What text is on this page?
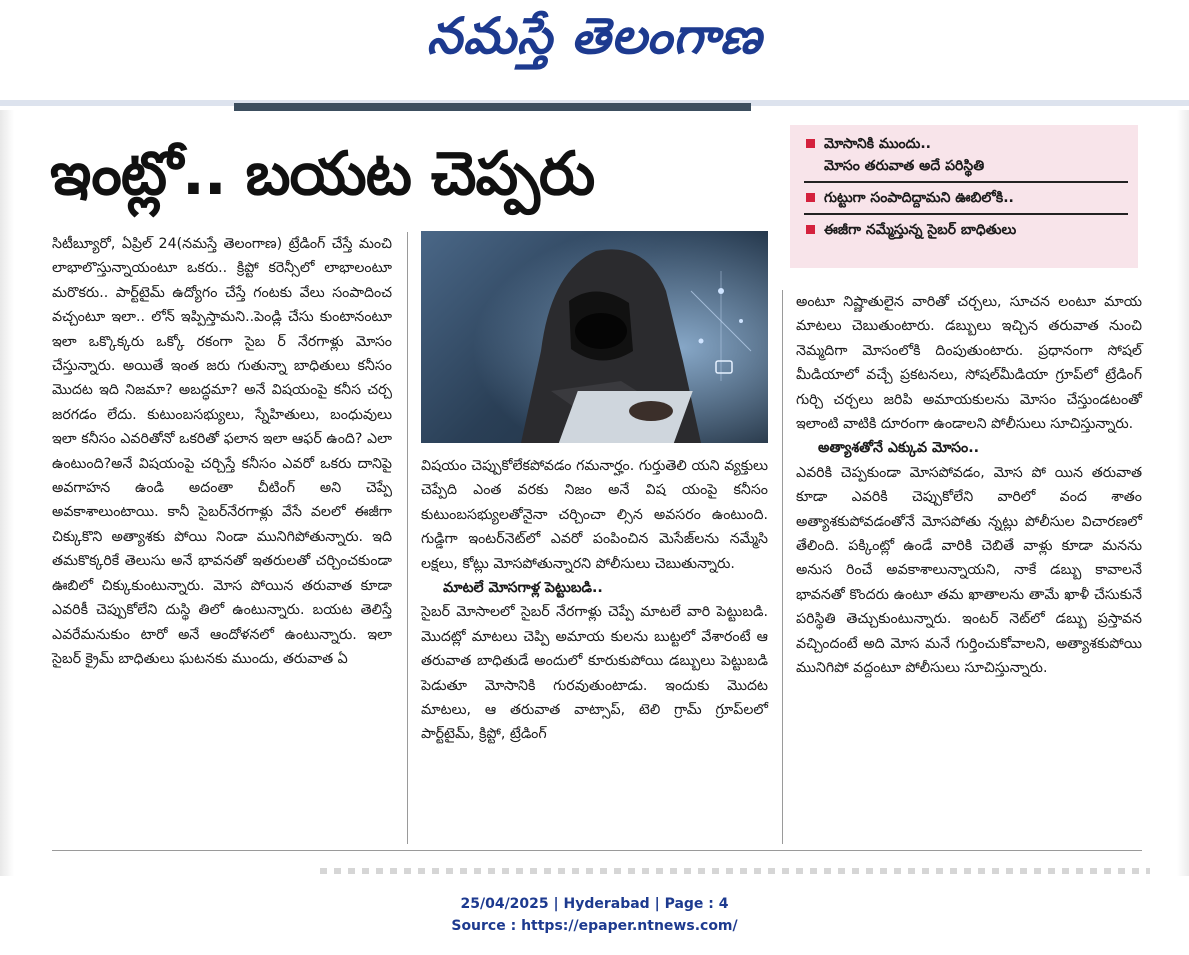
నమస్తే తెలంగాణ
ఇంట్లో.. బయట చెప్పరు	మోసానికి ముందు..
మోసం తరువాత అదే పరిస్థితి
గుట్టుగా సంపాదిద్దామని ఊబిలోకి..
ఈజీగా నమ్మేస్తున్న సైబర్ బాధితులు

సిటీబ్యూరో, ఏప్రిల్ 24(నమస్తే తెలంగాణ) ట్రేడింగ్ చేస్తే మంచి లాభాలొస్తున్నాయంటూ ఒకరు.. క్రిప్టో కరెన్సీలో లాభాలంటూ మరొకరు.. పార్ట్‌టైమ్ ఉద్యోగం చేస్తే గంటకు వేలు సంపాదించ వచ్చంటూ ఇలా.. లోన్ ఇప్పిస్తామని..పెండ్లి చేసు కుంటానంటూ ఇలా ఒక్కొక్కరు ఒక్కో రకంగా సైబ ర్ నేరగాళ్లు మోసం చేస్తున్నారు. అయితే ఇంత జరు గుతున్నా బాధితులు కనీసం మొదట ఇది నిజమా? అబద్ధమా? అనే విషయంపై కనీస చర్చ జరగడం లేదు. కుటుంబసభ్యులు, స్నేహితులు, బంధువులు ఇలా కనీసం ఎవరితోనో ఒకరితో ఫలాన ఇలా ఆఫర్ ఉంది? ఎలా ఉంటుంది?అనే విషయంపై చర్చిస్తే కనీసం ఎవరో ఒకరు దానిపై అవగాహన ఉండి అదంతా చీటింగ్ అని చెప్పే అవకాశాలుంటాయి. కానీ సైబర్‌నేరగాళ్లు వేసే వలలో ఈజీగా చిక్కుకొని అత్యాశకు పోయి నిండా మునిగిపోతున్నారు. ఇది తమకొక్కరికే తెలుసు అనే భావనతో ఇతరులతో చర్చించకుండా ఊబిలో చిక్కుకుంటున్నారు. మోస పోయిన తరువాత కూడా ఎవరికీ చెప్పుకోలేని దుస్థి తిలో ఉంటున్నారు. బయట తెలిస్తే ఎవరేమనుకుం టారో అనే ఆందోళనలో ఉంటున్నారు. ఇలా సైబర్ క్రైమ్ బాధితులు ఘటనకు ముందు, తరువాత ఏ

విషయం చెప్పుకోలేకపోవడం గమనార్హం. గుర్తుతెలి యని వ్యక్తులు చెప్పేది ఎంత వరకు నిజం అనే విష యంపై కనీసం కుటుంబసభ్యులతోనైనా చర్చించా ల్సిన అవసరం ఉంటుంది. గుడ్డిగా ఇంటర్‌నెట్‌లో ఎవరో పంపించిన మెసేజ్‌లను నమ్మేసి లక్షలు, కోట్లు మోసపోతున్నారని పోలీసులు చెబుతున్నారు.

మాటలే మోసగాళ్ల పెట్టుబడి..

సైబర్ మోసాలలో సైబర్ నేరగాళ్లు చెప్పే మాటలే వారి పెట్టుబడి. మొదట్లో మాటలు చెప్పి అమాయ కులను బుట్టలో వేశారంటే ఆ తరువాత బాధితుడే అందులో కూరుకుపోయి డబ్బులు పెట్టుబడి పెడుతూ మోసానికి గురవుతుంటాడు. ఇందుకు మొదట మాటలు, ఆ తరువాత వాట్సాప్, టెలి గ్రామ్ గ్రూప్‌లలో పార్ట్‌టైమ్, క్రిప్టో, ట్రేడింగ్

అంటూ నిష్ణాతులైన వారితో చర్చలు, సూచన లంటూ మాయ మాటలు చెబుతుంటారు. డబ్బులు ఇచ్చిన తరువాత నుంచి నెమ్మదిగా మోసంలోకి దింపుతుంటారు. ప్రధానంగా సోషల్ మీడియాలో వచ్చే ప్రకటనలు, సోషల్‌మీడియా గ్రూప్‌లో ట్రేడింగ్ గుర్చి చర్చలు జరిపి అమాయకులను మోసం చేస్తుండటంతో ఇలాంటి వాటికి దూరంగా ఉండాలని పోలీసులు సూచిస్తున్నారు.

అత్యాశతోనే ఎక్కువ మోసం..

ఎవరికి చెప్పకుండా మోసపోవడం, మోస పో యిన తరువాత కూడా ఎవరికి చెప్పుకోలేని వారిలో వంద శాతం అత్యాశకుపోవడంతోనే మోసపోతు న్నట్లు పోలీసుల విచారణలో తేలింది. పక్కింట్లో ఉండే వారికి చెబితే వాళ్లు కూడా మనను అనుస రించే అవకాశాలున్నాయని, నాకే డబ్బు కావాలనే భావనతో కొందరు ఉంటూ తమ ఖాతాలను తామే ఖాళీ చేసుకునే పరిస్థితి తెచ్చుకుంటున్నారు. ఇంటర్ నెట్‌లో డబ్బు ప్రస్తావన వచ్చిందంటే అది మోస మనే గుర్తించుకోవాలని, అత్యాశకుపోయి మునిగిపో వద్దంటూ పోలీసులు సూచిస్తున్నారు.

25/04/2025 | Hyderabad | Page : 4
Source : https://epaper.ntnews.com/
